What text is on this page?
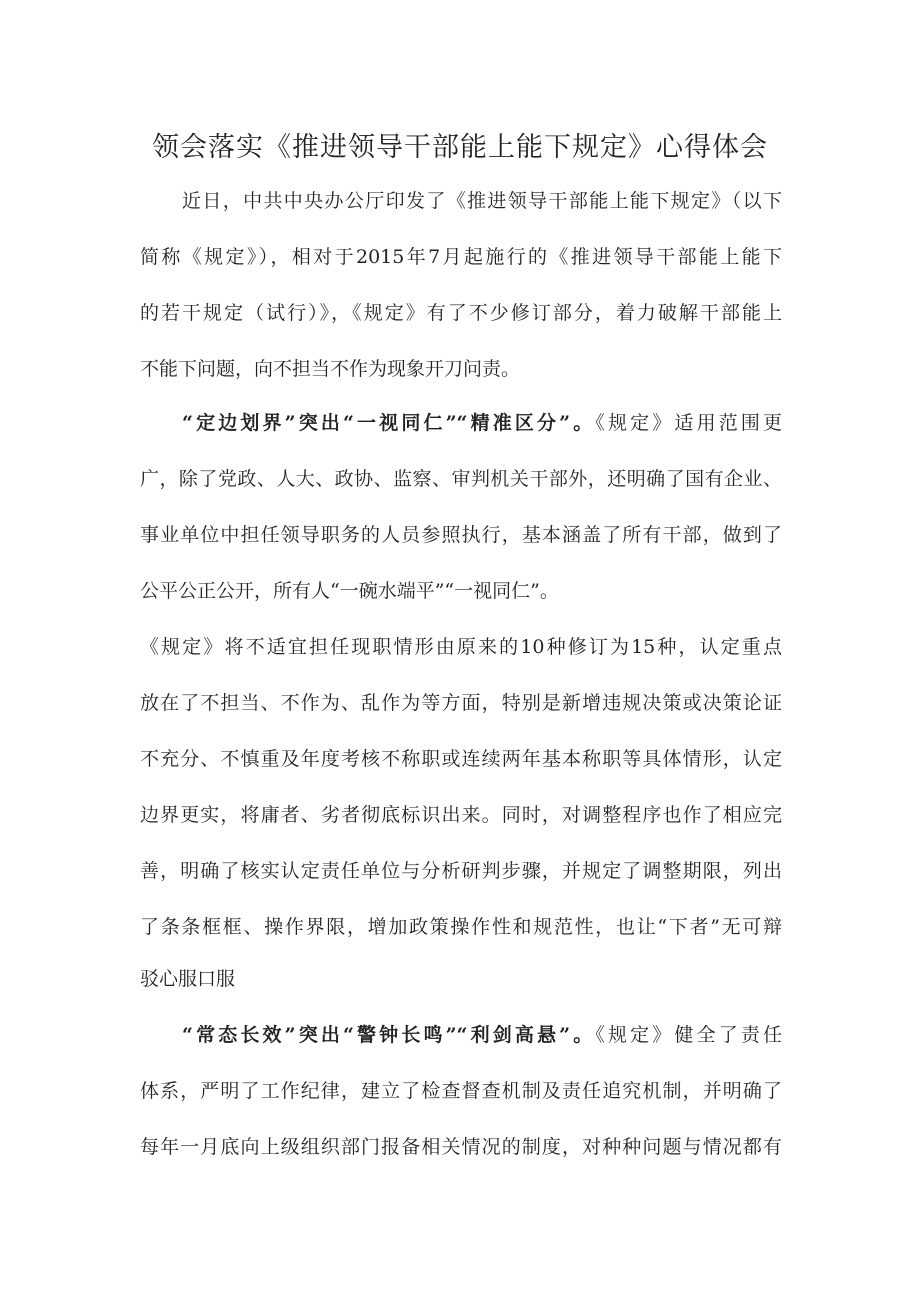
领会落实《推进领导干部能上能下规定》心得体会
近日，中共中央办公厅印发了《推进领导干部能上能下规定》（以下
简称《规定》），相对于2015年7月起施行的《推进领导干部能上能下
的若干规定（试行）》，《规定》有了不少修订部分，着力破解干部能上
不能下问题，向不担当不作为现象开刀问责。
“定边划界”突出“一视同仁”“精准区分”。《规定》适用范围更
广，除了党政、人大、政协、监察、审判机关干部外，还明确了国有企业、
事业单位中担任领导职务的人员参照执行，基本涵盖了所有干部，做到了
公平公正公开，所有人“一碗水端平”“一视同仁”。
《规定》将不适宜担任现职情形由原来的10种修订为15种，认定重点
放在了不担当、不作为、乱作为等方面，特别是新增违规决策或决策论证
不充分、不慎重及年度考核不称职或连续两年基本称职等具体情形，认定
边界更实，将庸者、劣者彻底标识出来。同时，对调整程序也作了相应完
善，明确了核实认定责任单位与分析研判步骤，并规定了调整期限，列出
了条条框框、操作界限，增加政策操作性和规范性，也让“下者”无可辩
驳心服口服
“常态长效”突出“警钟长鸣”“利剑高悬”。《规定》健全了责任
体系，严明了工作纪律，建立了检查督查机制及责任追究机制，并明确了
每年一月底向上级组织部门报备相关情况的制度，对种种问题与情况都有
